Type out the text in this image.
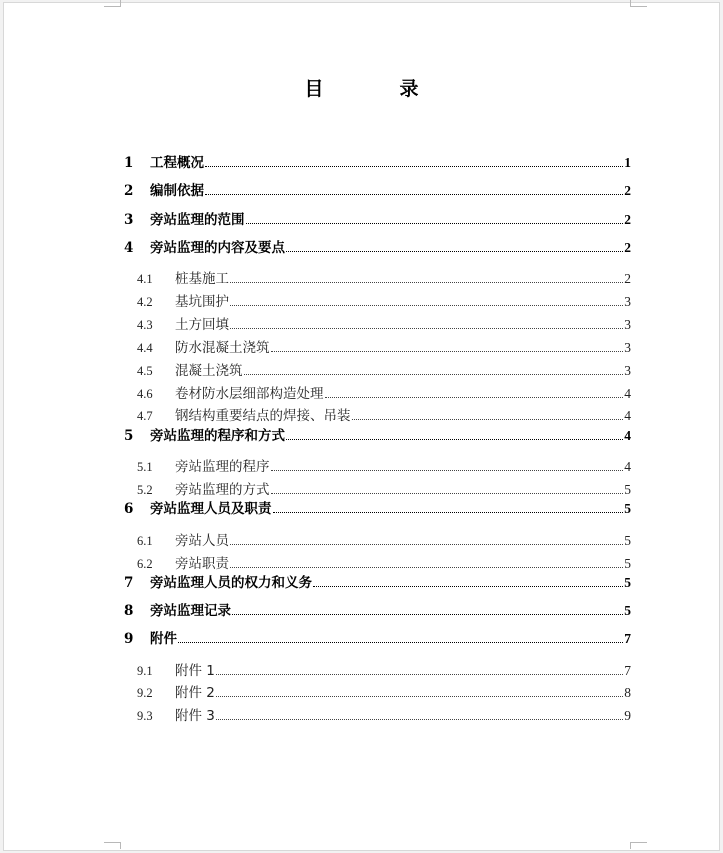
目	录
1	工程概况	1
2	编制依据	2
3	旁站监理的范围	2
4	旁站监理的内容及要点	2
4.1	桩基施工	2
4.2	基坑围护	3
4.3	土方回填	3
4.4	防水混凝土浇筑	3
4.5	混凝土浇筑	3
4.6	卷材防水层细部构造处理	4
4.7	钢结构重要结点的焊接、吊装	4
5	旁站监理的程序和方式	4
5.1	旁站监理的程序	4
5.2	旁站监理的方式	5
6	旁站监理人员及职责	5
6.1	旁站人员	5
6.2	旁站职责	5
7	旁站监理人员的权力和义务	5
8	旁站监理记录	5
9	附件	7
9.1	附件 1	7
9.2	附件 2	8
9.3	附件 3	9
